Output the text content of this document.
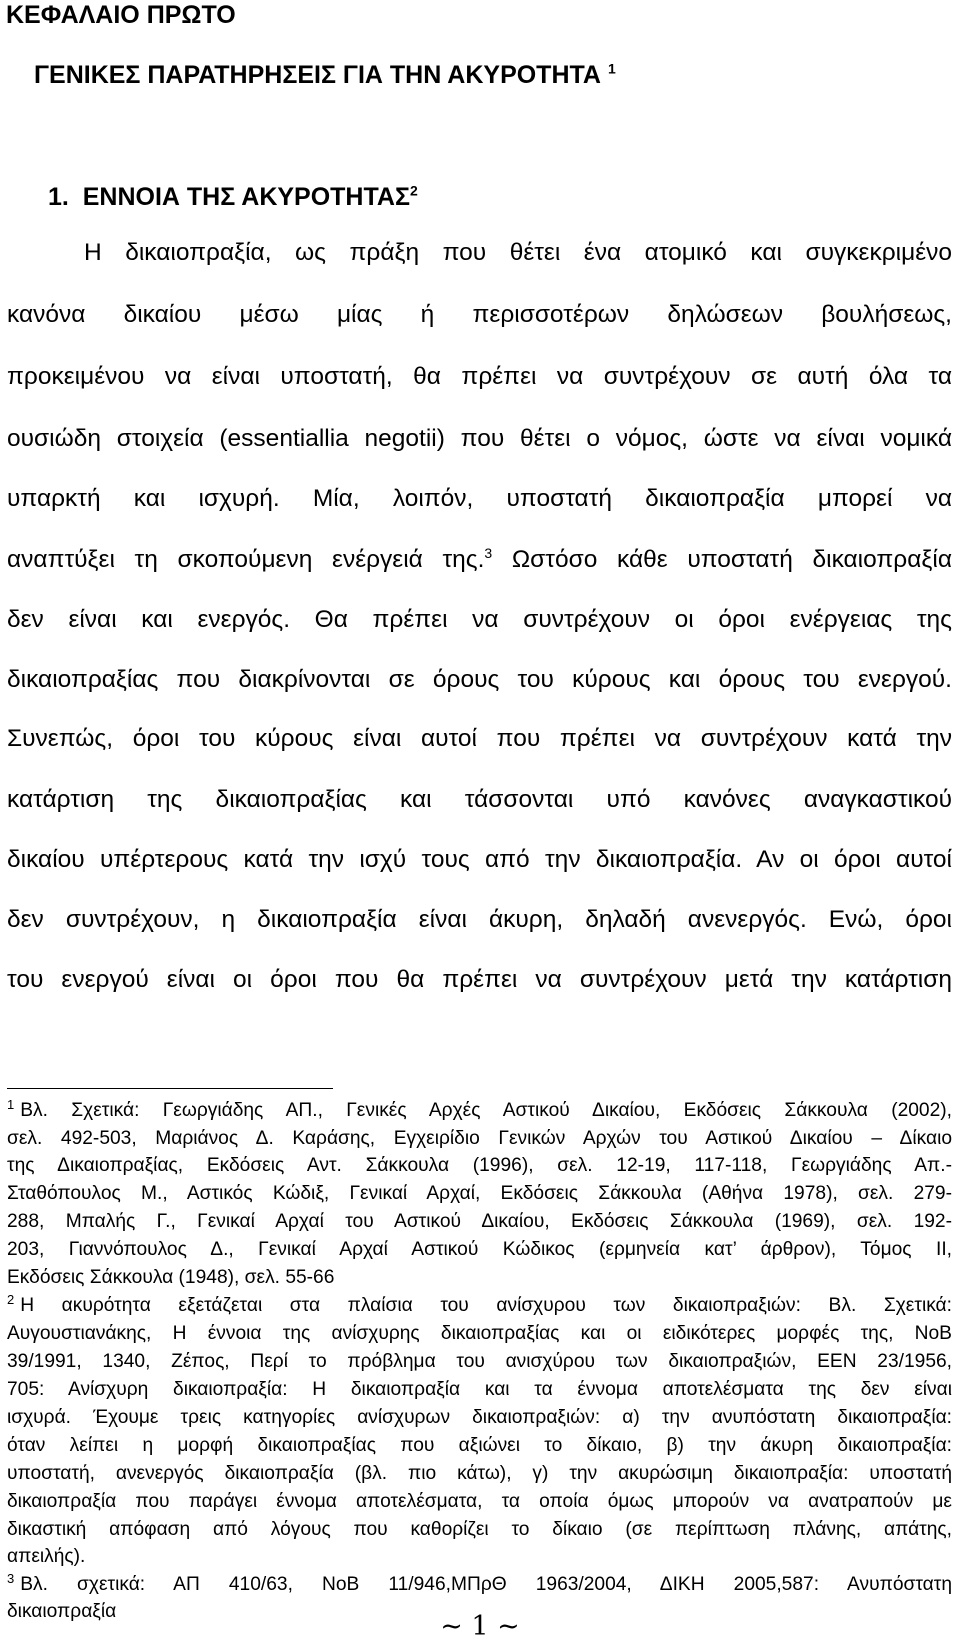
ΚΕΦΑΛΑΙΟ ΠΡΩΤΟ
ΓΕΝΙΚΕΣ ΠΑΡΑΤΗΡΗΣΕΙΣ ΓΙΑ ΤΗΝ ΑΚΥΡΟΤΗΤΑ $^1$
1.  ΕΝΝΟΙΑ ΤΗΣ ΑΚΥΡΟΤΗΤΑΣ$^2$
Η δικαιοπραξία, ως πράξη που θέτει ένα ατομικό και συγκεκριμένο
κανόνα δικαίου μέσω μίας ή περισσοτέρων δηλώσεων βουλήσεως,
προκειμένου να είναι υποστατή, θα πρέπει να συντρέχουν σε αυτή όλα τα
ουσιώδη στοιχεία (essentiallia negotii) που θέτει ο νόμος, ώστε να είναι νομικά
υπαρκτή και ισχυρή. Μία, λοιπόν, υποστατή δικαιοπραξία μπορεί να
αναπτύξει τη σκοπούμενη ενέργειά της.$^3$ Ωστόσο κάθε υποστατή δικαιοπραξία
δεν είναι και ενεργός. Θα πρέπει να συντρέχουν οι όροι ενέργειας της
δικαιοπραξίας που διακρίνονται σε όρους του κύρους και όρους του ενεργού.
Συνεπώς, όροι του κύρους είναι αυτοί που πρέπει να συντρέχουν κατά την
κατάρτιση της δικαιοπραξίας και τάσσονται υπό κανόνες αναγκαστικού
δικαίου υπέρτερους κατά την ισχύ τους από την δικαιοπραξία. Αν οι όροι αυτοί
δεν συντρέχουν, η δικαιοπραξία είναι άκυρη, δηλαδή ανενεργός. Ενώ, όροι
του ενεργού είναι οι όροι που θα πρέπει να συντρέχουν μετά την κατάρτιση
$^1$ Βλ. Σχετικά: Γεωργιάδης ΑΠ., Γενικές Αρχές Αστικού Δικαίου, Εκδόσεις Σάκκουλα (2002),
σελ. 492-503, Μαριάνος Δ. Καράσης, Εγχειρίδιο Γενικών Αρχών του Αστικού Δικαίου – Δίκαιο
της Δικαιοπραξίας, Εκδόσεις Αντ. Σάκκουλα (1996), σελ. 12-19, 117-118, Γεωργιάδης Απ.-
Σταθόπουλος Μ., Αστικός Κώδιξ, Γενικαί Αρχαί, Εκδόσεις Σάκκουλα (Αθήνα 1978), σελ. 279-
288, Μπαλής Γ., Γενικαί Αρχαί του Αστικού Δικαίου, Εκδόσεις Σάκκουλα (1969), σελ. 192-
203, Γιαννόπουλος Δ., Γενικαί Αρχαί Αστικού Κώδικος (ερμηνεία κατ’ άρθρον), Τόμος ΙΙ,
Εκδόσεις Σάκκουλα (1948), σελ. 55-66
$^2$ Η ακυρότητα εξετάζεται στα πλαίσια του ανίσχυρου των δικαιοπραξιών: Βλ. Σχετικά:
Αυγουστιανάκης, Η έννοια της ανίσχυρης δικαιοπραξίας και οι ειδικότερες μορφές της, ΝοΒ
39/1991, 1340, Ζέπος, Περί το πρόβλημα του ανισχύρου των δικαιοπραξιών, ΕΕΝ 23/1956,
705: Ανίσχυρη δικαιοπραξία: Η δικαιοπραξία και τα έννομα αποτελέσματα της δεν είναι
ισχυρά. Έχουμε τρεις κατηγορίες ανίσχυρων δικαιοπραξιών: α) την ανυπόστατη δικαιοπραξία:
όταν λείπει η μορφή δικαιοπραξίας που αξιώνει το δίκαιο, β) την άκυρη δικαιοπραξία:
υποστατή, ανενεργός δικαιοπραξία (βλ. πιο κάτω), γ) την ακυρώσιμη δικαιοπραξία: υποστατή
δικαιοπραξία που παράγει έννομα αποτελέσματα, τα οποία όμως μπορούν να ανατραπούν με
δικαστική απόφαση από λόγους που καθορίζει το δίκαιο (σε περίπτωση πλάνης, απάτης,
απειλής).
$^3$ Βλ. σχετικά: ΑΠ 410/63, ΝοΒ 11/946,ΜΠρΘ 1963/2004, ΔΙΚΗ 2005,587: Ανυπόστατη
δικαιοπραξία	~ 1 ~
